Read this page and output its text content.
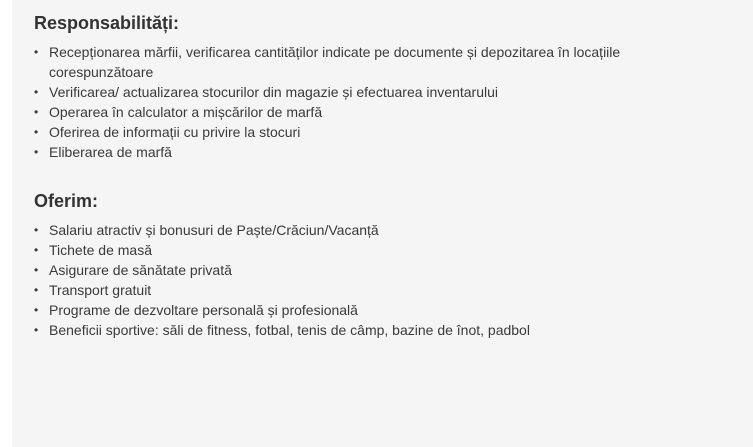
Responsabilități:
• Recepționarea mărfii, verificarea cantităților indicate pe documente și depozitarea în locațiile corespunzătoare
• Verificarea/ actualizarea stocurilor din magazie și efectuarea inventarului
• Operarea în calculator a mișcărilor de marfă
• Oferirea de informații cu privire la stocuri
• Eliberarea de marfă
Oferim:
• Salariu atractiv și bonusuri de Paște/Crăciun/Vacanță
• Tichete de masă
• Asigurare de sănătate privată
• Transport gratuit
• Programe de dezvoltare personală și profesională
• Beneficii sportive: săli de fitness, fotbal, tenis de câmp, bazine de înot, padbol
